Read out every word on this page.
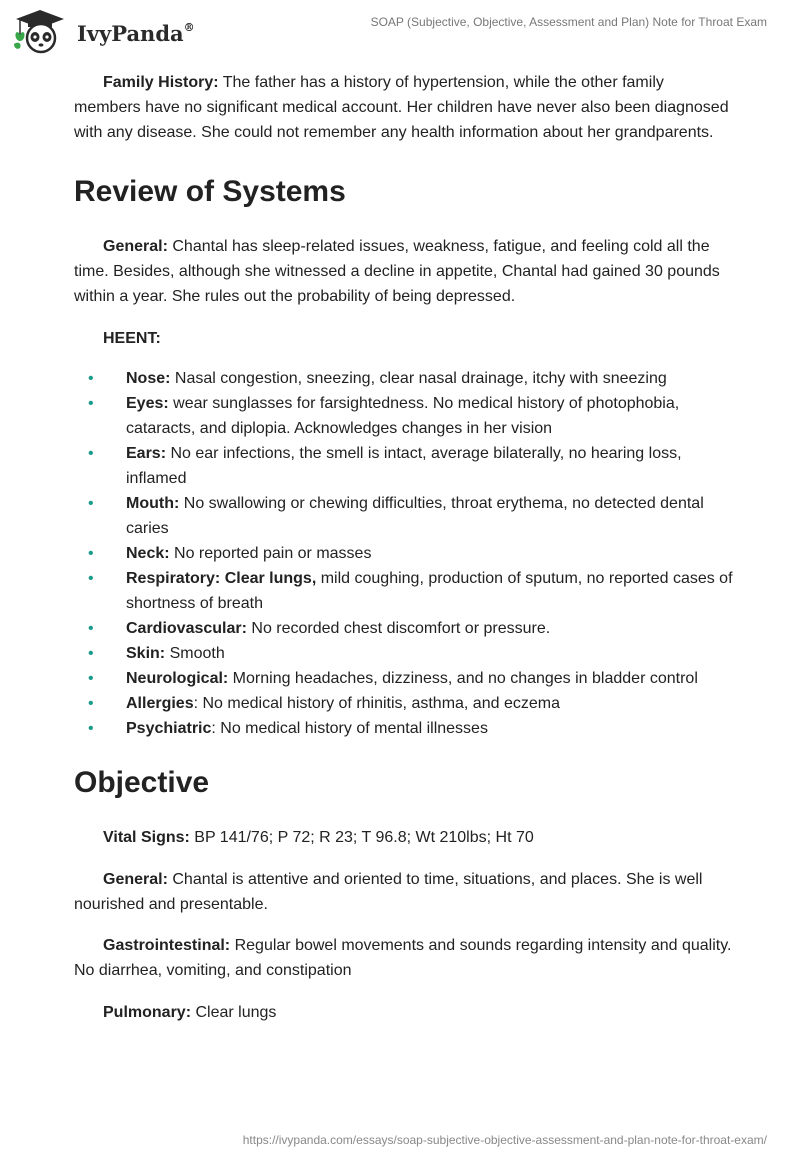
IvyPanda®	SOAP (Subjective, Objective, Assessment and Plan) Note for Throat Exam

Family History: The father has a history of hypertension, while the other family members have no significant medical account. Her children have never also been diagnosed with any disease. She could not remember any health information about her grandparents.

Review of Systems

General: Chantal has sleep-related issues, weakness, fatigue, and feeling cold all the time. Besides, although she witnessed a decline in appetite, Chantal had gained 30 pounds within a year. She rules out the probability of being depressed.

HEENT:

• Nose: Nasal congestion, sneezing, clear nasal drainage, itchy with sneezing
• Eyes: wear sunglasses for farsightedness. No medical history of photophobia, cataracts, and diplopia. Acknowledges changes in her vision
• Ears: No ear infections, the smell is intact, average bilaterally, no hearing loss, inflamed
• Mouth: No swallowing or chewing difficulties, throat erythema, no detected dental caries
• Neck: No reported pain or masses
• Respiratory: Clear lungs, mild coughing, production of sputum, no reported cases of shortness of breath
• Cardiovascular: No recorded chest discomfort or pressure.
• Skin: Smooth
• Neurological: Morning headaches, dizziness, and no changes in bladder control
• Allergies: No medical history of rhinitis, asthma, and eczema
• Psychiatric: No medical history of mental illnesses
Objective

Vital Signs: BP 141/76; P 72; R 23; T 96.8; Wt 210lbs; Ht 70

General: Chantal is attentive and oriented to time, situations, and places. She is well nourished and presentable.

Gastrointestinal: Regular bowel movements and sounds regarding intensity and quality. No diarrhea, vomiting, and constipation

Pulmonary: Clear lungs

https://ivypanda.com/essays/soap-subjective-objective-assessment-and-plan-note-for-throat-exam/
